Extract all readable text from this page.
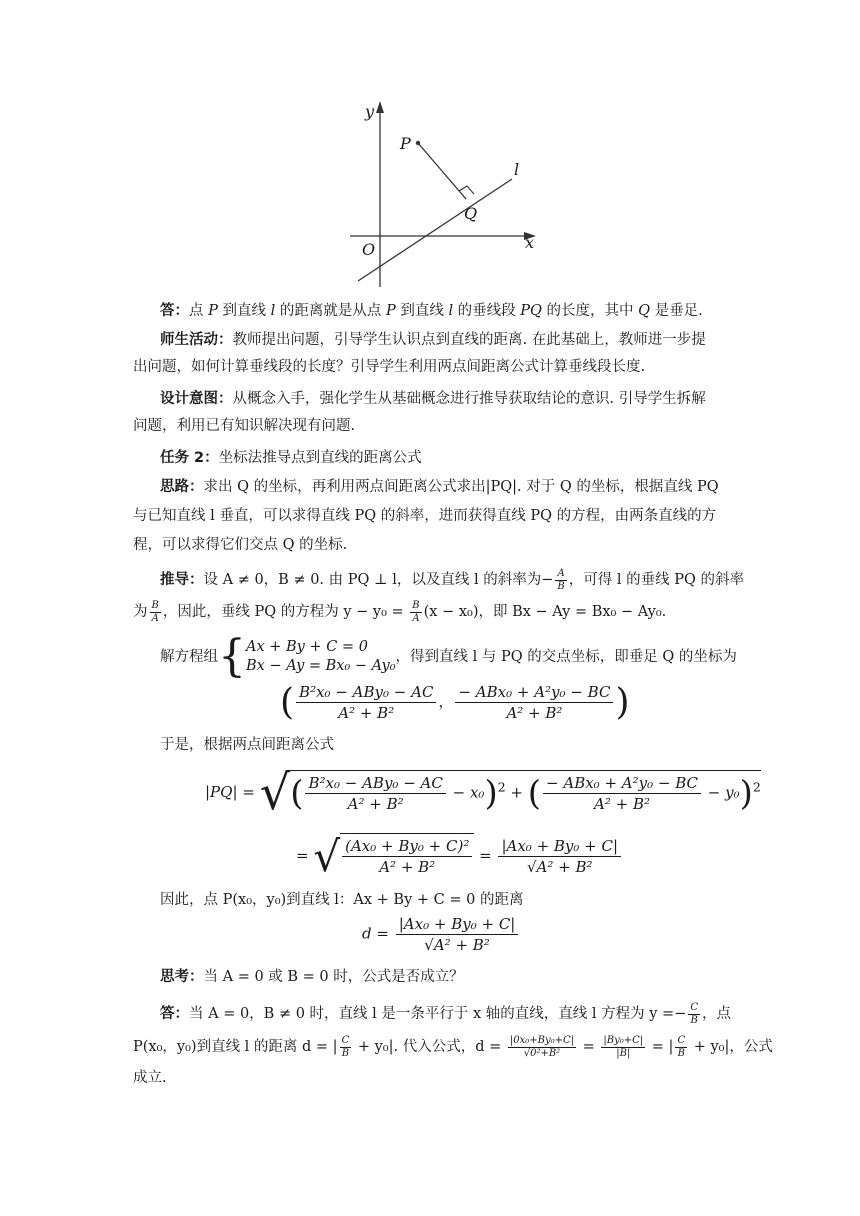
y
x
O
P
Q
l
答：点 P 到直线 l 的距离就是从点 P 到直线 l 的垂线段 PQ 的长度，其中 Q 是垂足.
师生活动：教师提出问题，引导学生认识点到直线的距离. 在此基础上，教师进一步提
出问题，如何计算垂线段的长度？引导学生利用两点间距离公式计算垂线段长度.
设计意图：从概念入手，强化学生从基础概念进行推导获取结论的意识. 引导学生拆解
问题，利用已有知识解决现有问题.
任务 2：坐标法推导点到直线的距离公式
思路：求出 Q 的坐标，再利用两点间距离公式求出|PQ|. 对于 Q 的坐标，根据直线 PQ
与已知直线 l 垂直，可以求得直线 PQ 的斜率，进而获得直线 PQ 的方程，由两条直线的方
程，可以求得它们交点 Q 的坐标.
推导：设 A ≠ 0，B ≠ 0. 由 PQ ⊥ l，以及直线 l 的斜率为− $\frac{A}{B}$ ，可得 l 的垂线 PQ 的斜率
为 $\frac{B}{A}$ ，因此，垂线 PQ 的方程为 $y - y_0 = \frac{B}{A} (x - x_0)$，即 Bx − Ay = Bx₀ − Ay₀.
解方程组{ Ax + By + C = 0
Bx − Ay = Bx₀ − Ay₀
，得到直线 l 与 PQ 的交点坐标，即垂足 Q 的坐标为
( $\frac{\text{B²x₀ − ABy₀ − AC}}{\text{A² + B²}}$ ， $\frac{\text{− ABx₀ + A²y₀ − BC}}{\text{A² + B²}}$ )
于是，根据两点间距离公式
|PQ| = √( $\frac{\text{B²x₀ − ABy₀ − AC}}{\text{A² + B²}} - x_0)^2$ + ( $\frac{\text{− ABx₀ + A²y₀ − BC}}{\text{A² + B²}} - y_0)^2$
= √ $\frac{\text{(Ax₀ + By₀ + C)²}}{\text{A² + B²}} = \frac{\text{|Ax₀ + By₀ + C|}}{\text{√A² + B²}}$
因此，点 P(x₀，y₀)到直线 l：Ax + By + C = 0 的距离
$d = \frac{\text{|Ax₀ + By₀ + C|}}{\text{√A² + B²}}$
思考：当 A = 0 或 B = 0 时，公式是否成立？
答：当 A = 0，B ≠ 0 时，直线 l 是一条平行于 x 轴的直线，直线 l 方程为 $y =- \frac{C}{B}$ ，点
P(x₀，y₀)到直线 l 的距离 d = | $\frac{C}{B} + y_0|$. 代入公式，$d = \frac{\text{|0x₀+By₀+C|}}{\text{√0²+B²}} = \frac{\text{|By₀+C|}}{|B|}$ = | $\frac{C}{B} + y_0|$，公式
成立.
